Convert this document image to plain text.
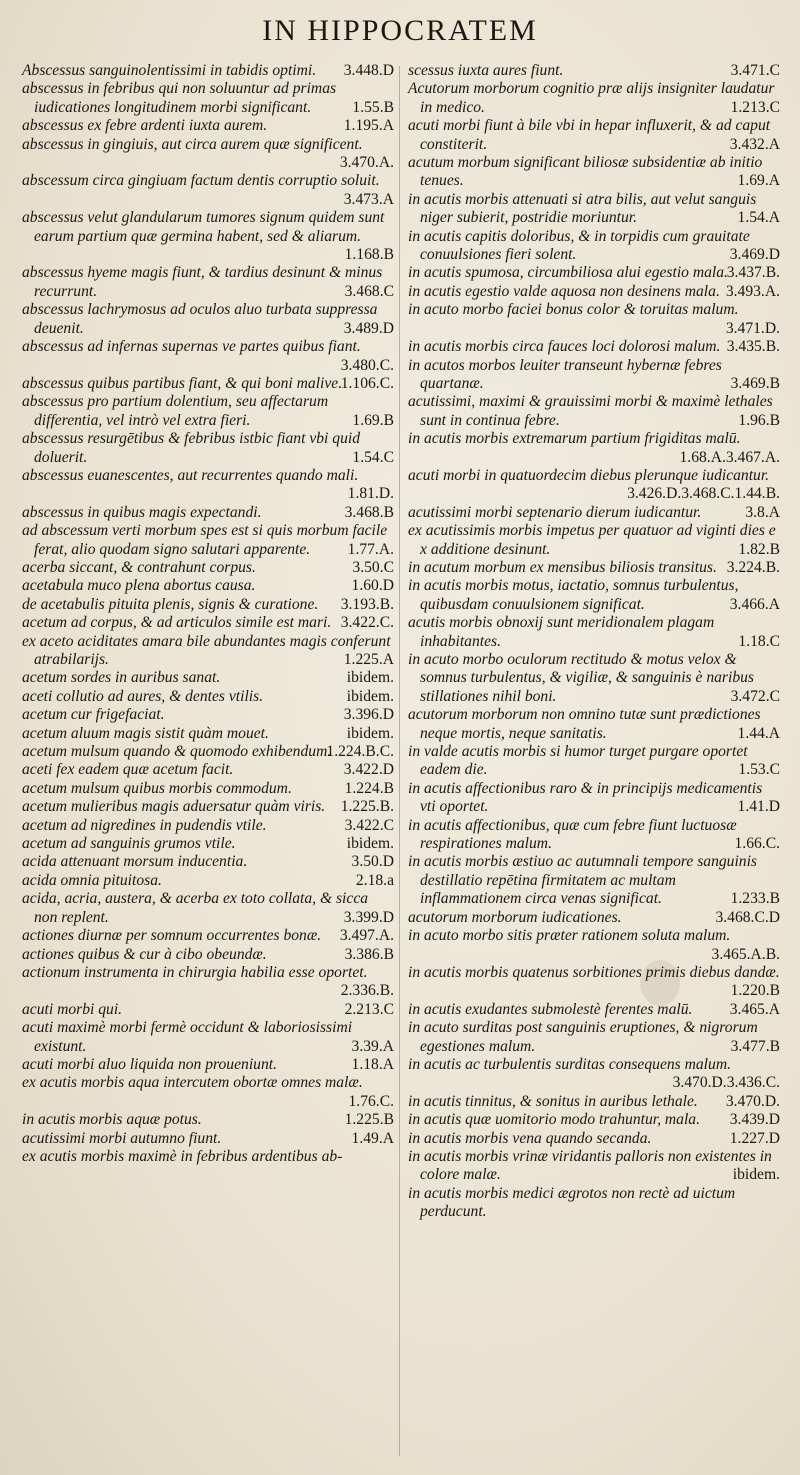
IN HIPPOCRATEM

Abscessus sanguinolentissimi in tabidis optimi. 3.448.D

abscessus in febribus qui non soluuntur ad primas iudicationes longitudinem morbi significant.	1.55.B

abscessus ex febre ardenti iuxta aurem.	1.195.A

abscessus in gingiuis, aut circa aurem quæ significent.
3.470.A.

abscessum circa gingiuam factum dentis corruptio soluit.
3.473.A

abscessus velut glandularum tumores signum quidem sunt earum partium quæ germina habent, sed & aliarum.
1.168.B

abscessus hyeme magis fiunt, & tardius desinunt & minus recurrunt.	3.468.C

abscessus lachrymosus ad oculos aluo turbata suppressa deuenit.	3.489.D

abscessus ad infernas supernas ve partes quibus fiant.
3.480.C.

abscessus quibus partibus fiant, & qui boni malive.
1.106.C.

abscessus pro partium dolentium, seu affectarum differentia, vel intrò vel extra fieri.	1.69.B

abscessus resurgētibus & febribus istbic fiant vbi quid doluerit.	1.54.C

abscessus euanescentes, aut recurrentes quando mali.
1.81.D.

abscessus in quibus magis expectandi.	3.468.B

ad abscessum verti morbum spes est si quis morbum facile ferat, alio quodam signo salutari apparente. 1.77.A.

acerba siccant, & contrahunt corpus.	3.50.C

acetabula muco plena abortus causa.	1.60.D

de acetabulis pituita plenis, signis & curatione. 3.193.B.

acetum ad corpus, & ad articulos simile est mari. 3.422.C.

ex aceto aciditates amara bile abundantes magis conferunt atrabilarijs.	1.225.A

acetum sordes in auribus sanat.	ibidem.

aceti collutio ad aures, & dentes vtilis.	ibidem.

acetum cur frigefaciat.	3.396.D

acetum aluum magis sistit quàm mouet.	ibidem.

acetum mulsum quando & quomodo exhibendum.
1.224.B.C.

aceti fex eadem quæ acetum facit.	3.422.D

acetum mulsum quibus morbis commodum.	1.224.B

acetum mulieribus magis aduersatur quàm viris. 1.225.B.

acetum ad nigredines in pudendis vtile.	3.422.C

acetum ad sanguinis grumos vtile.	ibidem.

acida attenuant morsum inducentia.	3.50.D

acida omnia pituitosa.	2.18.a

acida, acria, austera, & acerba ex toto collata, & sicca non replent.	3.399.D

actiones diurnæ per somnum occurrentes bonæ. 3.497.A.

actiones quibus & cur à cibo obeundæ.	3.386.B

actionum instrumenta in chirurgia habilia esse oportet.
2.336.B.

acuti morbi qui.	2.213.C

acuti maximè morbi fermè occidunt & laboriosissimi existunt.	3.39.A

acuti morbi aluo liquida non proueniunt.	1.18.A

ex acutis morbis aqua intercutem obortæ omnes malæ.
1.76.C.

in acutis morbis aquæ potus.	1.225.B

acutissimi morbi autumno fiunt.	1.49.A

ex acutis morbis maximè in febribus ardentibus ab-

scessus iuxta aures fiunt.	3.471.C

Acutorum morborum cognitio præ alijs insigniter laudatur in medico.	1.213.C

acuti morbi fiunt à bile vbi in hepar influxerit, & ad caput constiterit.	3.432.A

acutum morbum significant biliosæ subsidentiæ ab initio tenues.	1.69.A

in acutis morbis attenuati si atra bilis, aut velut sanguis niger subierit, postridie moriuntur.	1.54.A

in acutis capitis doloribus, & in torpidis cum grauitate conuulsiones fieri solent.	3.469.D

in acutis spumosa, circumbiliosa alui egestio mala.
3.437.B.

in acutis egestio valde aquosa non desinens mala. 3.493.A.

in acuto morbo faciei bonus color & toruitas malum.
3.471.D.

in acutis morbis circa fauces loci dolorosi malum. 3.435.B.

in acutos morbos leuiter transeunt hybernæ febres quartanæ.	3.469.B

acutissimi, maximi & grauissimi morbi & maximè lethales sunt in continua febre.	1.96.B

in acutis morbis extremarum partium frigiditas malū.
1.68.A.3.467.A.

acuti morbi in quatuordecim diebus plerunque iudicantur.
3.426.D.3.468.C.1.44.B.

acutissimi morbi septenario dierum iudicantur.	3.8.A

ex acutissimis morbis impetus per quatuor ad viginti dies e x additione desinunt.	1.82.B

in acutum morbum ex mensibus biliosis transitus. 3.224.B.

in acutis morbis motus, iactatio, somnus turbulentus, quibusdam conuulsionem significat.	3.466.A

acutis morbis obnoxij sunt meridionalem plagam inhabitantes.	1.18.C

in acuto morbo oculorum rectitudo & motus velox & somnus turbulentus, & vigiliæ, & sanguinis è naribus stillationes nihil boni.	3.472.C

acutorum morborum non omnino tutæ sunt prædictiones neque mortis, neque sanitatis.	1.44.A

in valde acutis morbis si humor turget purgare oportet eadem die.	1.53.C

in acutis affectionibus raro & in principijs medicamentis vti oportet.	1.41.D

in acutis affectionibus, quæ cum febre fiunt luctuosæ respirationes malum.	1.66.C.

in acutis morbis æstiuo ac autumnali tempore sanguinis destillatio repētina firmitatem ac multam inflammationem circa venas significat.	1.233.B

acutorum morborum iudicationes.	3.468.C.D

in acuto morbo sitis præter rationem soluta malum.
3.465.A.B.

in acutis morbis quatenus sorbitiones primis diebus dandæ.
1.220.B

in acutis exudantes submolestè ferentes malū. 3.465.A

in acuto surditas post sanguinis eruptiones, & nigrorum egestiones malum.	3.477.B

in acutis ac turbulentis surditas consequens malum.
3.470.D.3.436.C.

in acutis tinnitus, & sonitus in auribus lethale. 3.470.D.

in acutis quæ uomitorio modo trahuntur, mala. 3.439.D

in acutis morbis vena quando secanda.	1.227.D

in acutis morbis vrinæ viridantis palloris non existentes in colore malæ.	ibidem.

in acutis morbis medici ægrotos non rectè ad uictum perducunt.
